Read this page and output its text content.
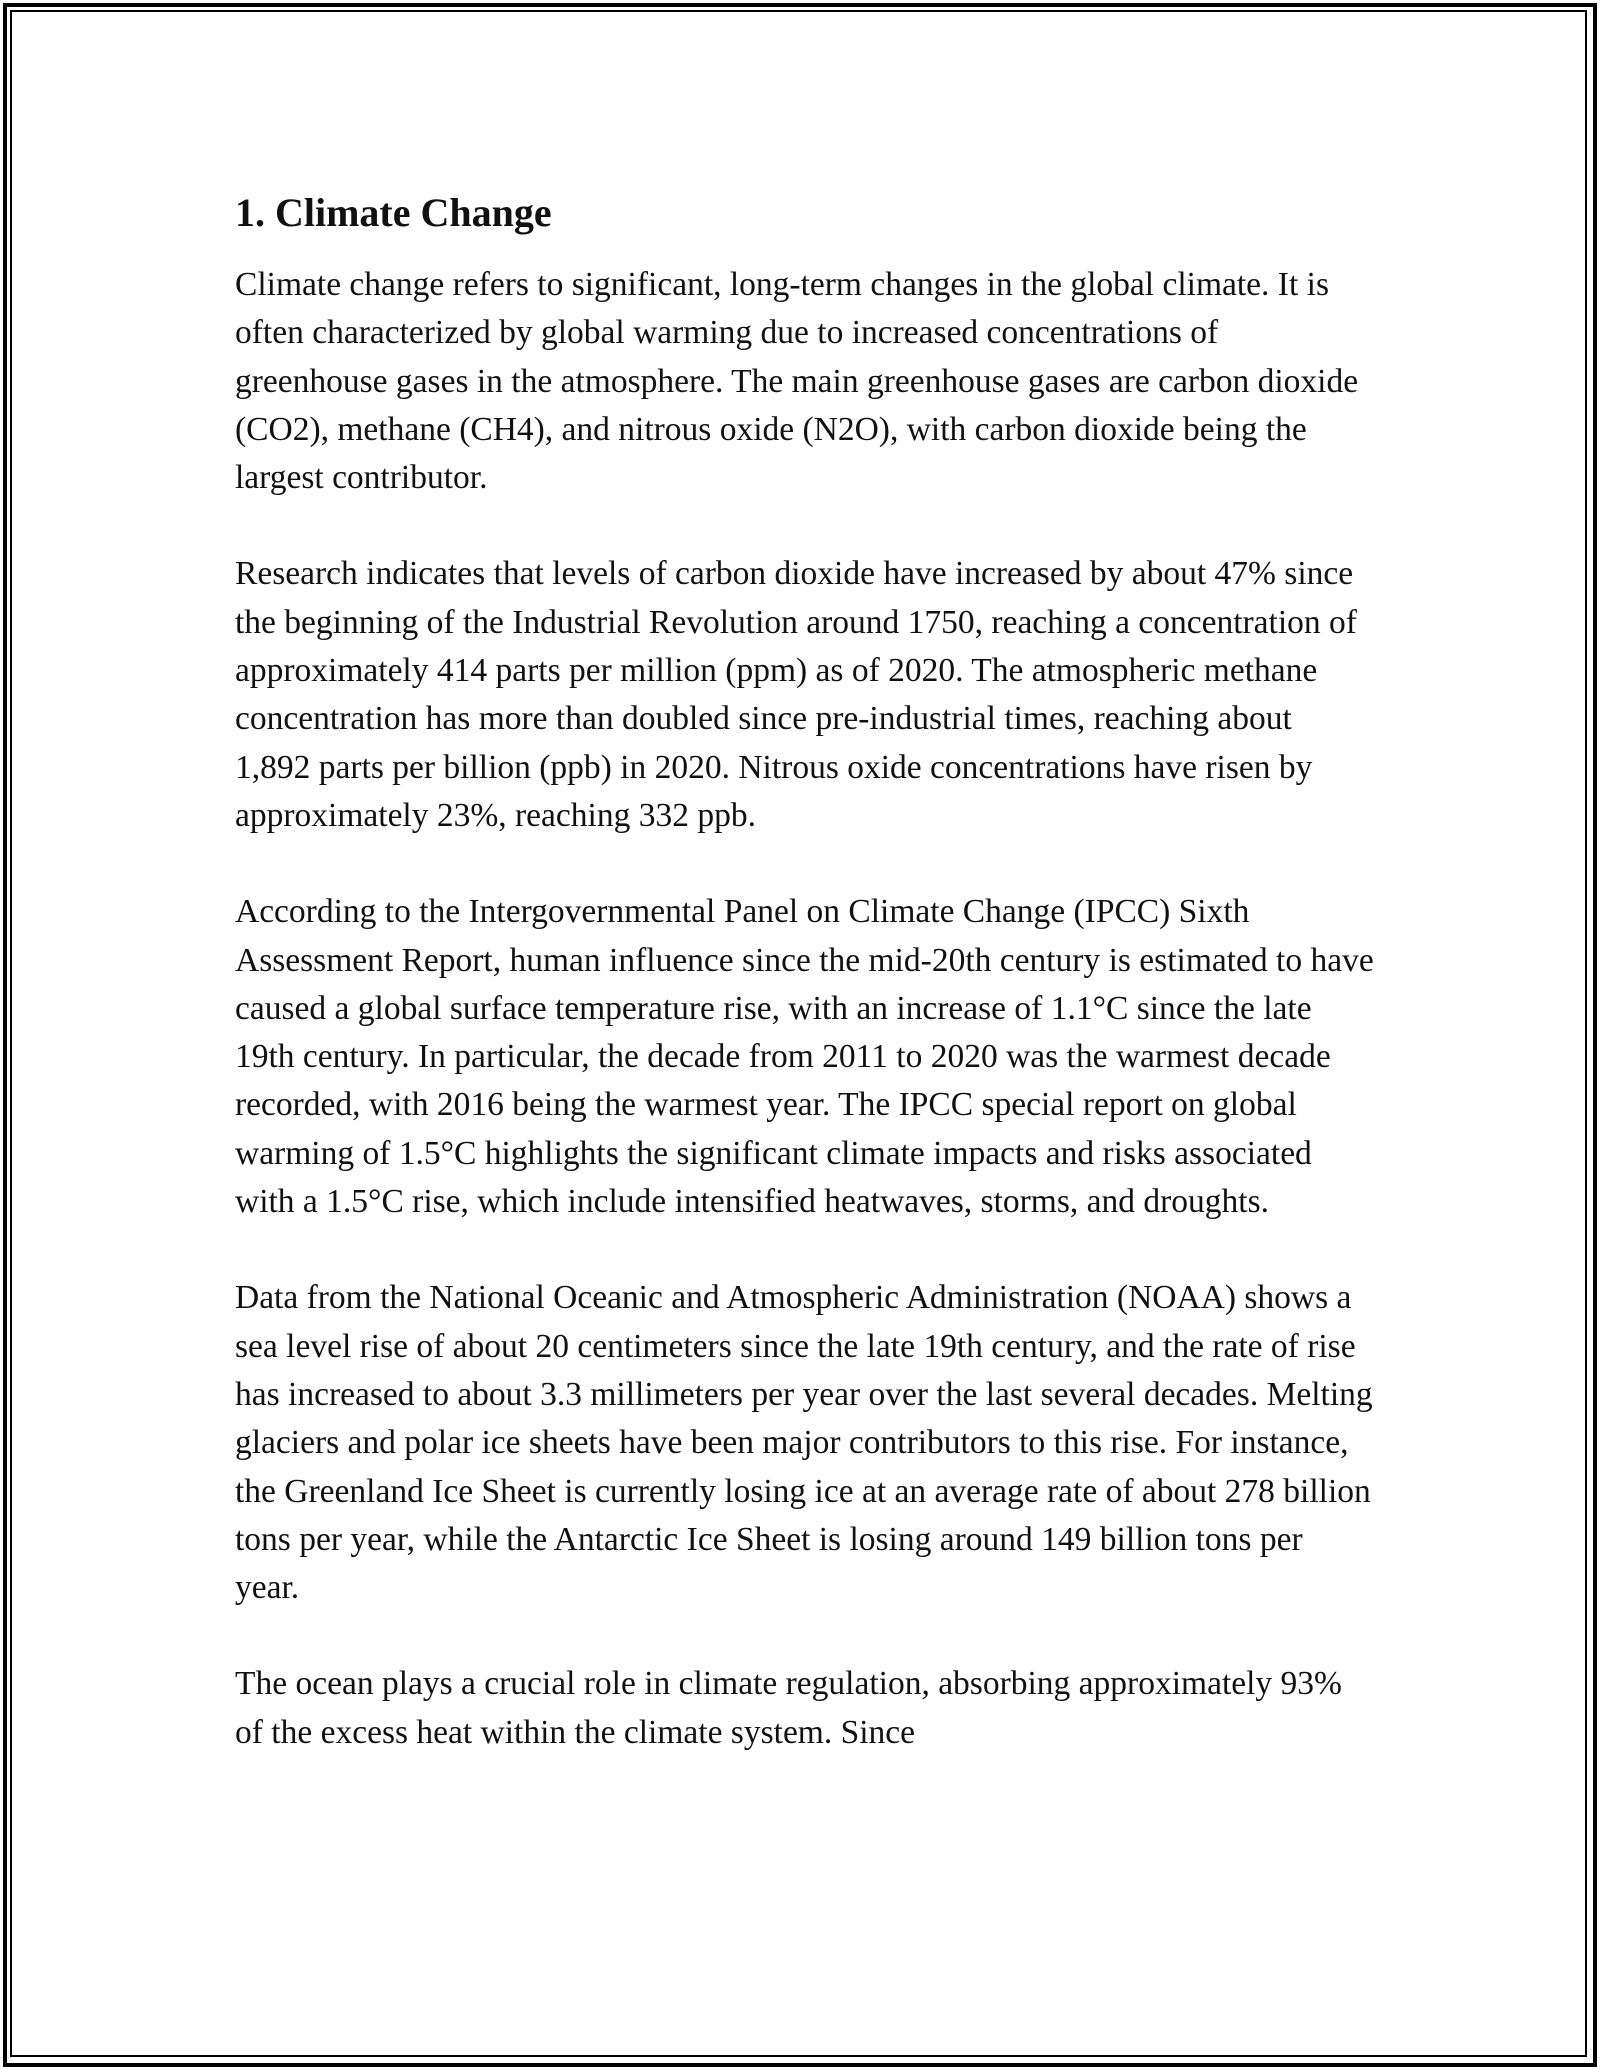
1. Climate Change

Climate change refers to significant, long-term changes in the global climate. It is often characterized by global warming due to increased concentrations of greenhouse gases in the atmosphere. The main greenhouse gases are carbon dioxide (CO2), methane (CH4), and nitrous oxide (N2O), with carbon dioxide being the largest contributor.

Research indicates that levels of carbon dioxide have increased by about 47% since the beginning of the Industrial Revolution around 1750, reaching a concentration of approximately 414 parts per million (ppm) as of 2020. The atmospheric methane concentration has more than doubled since pre-industrial times, reaching about 1,892 parts per billion (ppb) in 2020. Nitrous oxide concentrations have risen by approximately 23%, reaching 332 ppb.

According to the Intergovernmental Panel on Climate Change (IPCC) Sixth Assessment Report, human influence since the mid-20th century is estimated to have caused a global surface temperature rise, with an increase of 1.1°C since the late 19th century. In particular, the decade from 2011 to 2020 was the warmest decade recorded, with 2016 being the warmest year. The IPCC special report on global warming of 1.5°C highlights the significant climate impacts and risks associated with a 1.5°C rise, which include intensified heatwaves, storms, and droughts.

Data from the National Oceanic and Atmospheric Administration (NOAA) shows a sea level rise of about 20 centimeters since the late 19th century, and the rate of rise has increased to about 3.3 millimeters per year over the last several decades. Melting glaciers and polar ice sheets have been major contributors to this rise. For instance, the Greenland Ice Sheet is currently losing ice at an average rate of about 278 billion tons per year, while the Antarctic Ice Sheet is losing around 149 billion tons per year.

The ocean plays a crucial role in climate regulation, absorbing approximately 93% of the excess heat within the climate system. Since
